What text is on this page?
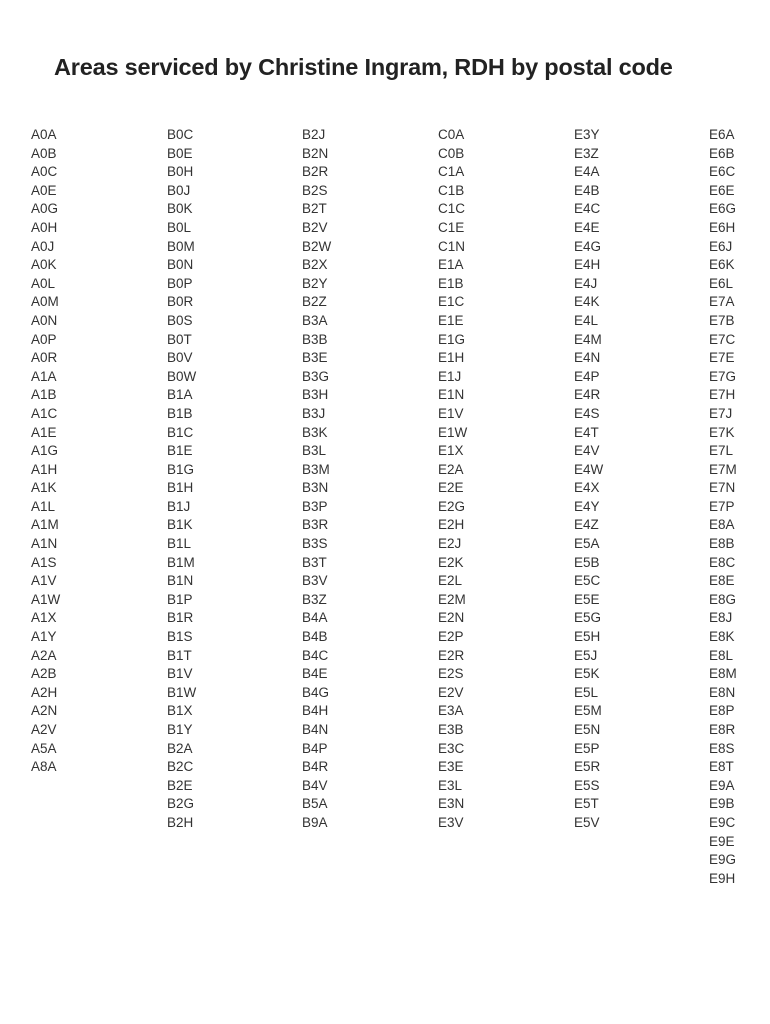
Areas serviced by Christine Ingram, RDH by postal code
A0A
A0B
A0C
A0E
A0G
A0H
A0J
A0K
A0L
A0M
A0N
A0P
A0R
A1A
A1B
A1C
A1E
A1G
A1H
A1K
A1L
A1M
A1N
A1S
A1V
A1W
A1X
A1Y
A2A
A2B
A2H
A2N
A2V
A5A
A8A
B0C
B0E
B0H
B0J
B0K
B0L
B0M
B0N
B0P
B0R
B0S
B0T
B0V
B0W
B1A
B1B
B1C
B1E
B1G
B1H
B1J
B1K
B1L
B1M
B1N
B1P
B1R
B1S
B1T
B1V
B1W
B1X
B1Y
B2A
B2C
B2E
B2G
B2H
B2J
B2N
B2R
B2S
B2T
B2V
B2W
B2X
B2Y
B2Z
B3A
B3B
B3E
B3G
B3H
B3J
B3K
B3L
B3M
B3N
B3P
B3R
B3S
B3T
B3V
B3Z
B4A
B4B
B4C
B4E
B4G
B4H
B4N
B4P
B4R
B4V
B5A
B9A
C0A
C0B
C1A
C1B
C1C
C1E
C1N
E1A
E1B
E1C
E1E
E1G
E1H
E1J
E1N
E1V
E1W
E1X
E2A
E2E
E2G
E2H
E2J
E2K
E2L
E2M
E2N
E2P
E2R
E2S
E2V
E3A
E3B
E3C
E3E
E3L
E3N
E3V
E3Y
E3Z
E4A
E4B
E4C
E4E
E4G
E4H
E4J
E4K
E4L
E4M
E4N
E4P
E4R
E4S
E4T
E4V
E4W
E4X
E4Y
E4Z
E5A
E5B
E5C
E5E
E5G
E5H
E5J
E5K
E5L
E5M
E5N
E5P
E5R
E5S
E5T
E5V
E6A
E6B
E6C
E6E
E6G
E6H
E6J
E6K
E6L
E7A
E7B
E7C
E7E
E7G
E7H
E7J
E7K
E7L
E7M
E7N
E7P
E8A
E8B
E8C
E8E
E8G
E8J
E8K
E8L
E8M
E8N
E8P
E8R
E8S
E8T
E9A
E9B
E9C
E9E
E9G
E9H
